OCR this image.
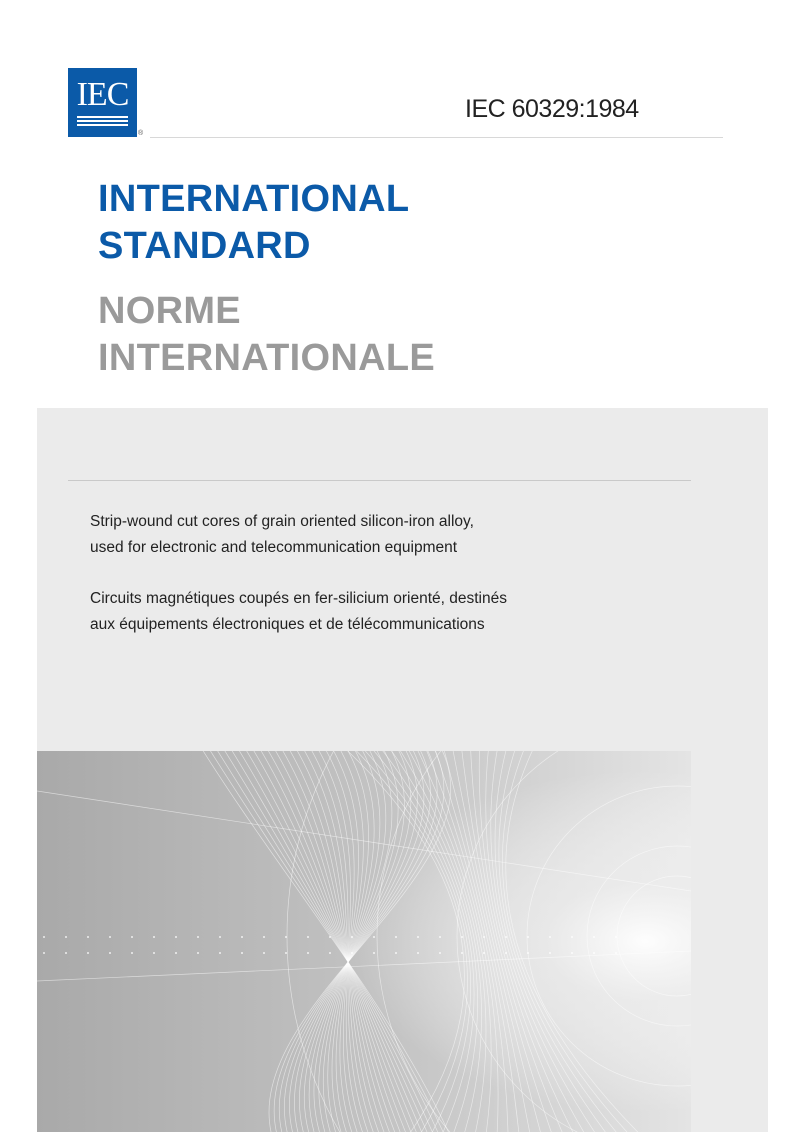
IEC
®
IEC 60329:1984
INTERNATIONAL
STANDARD
NORME
INTERNATIONALE
Strip-wound cut cores of grain oriented silicon-iron alloy,
used for electronic and telecommunication equipment
Circuits magnétiques coupés en fer-silicium orienté, destinés
aux équipements électroniques et de télécommunications
